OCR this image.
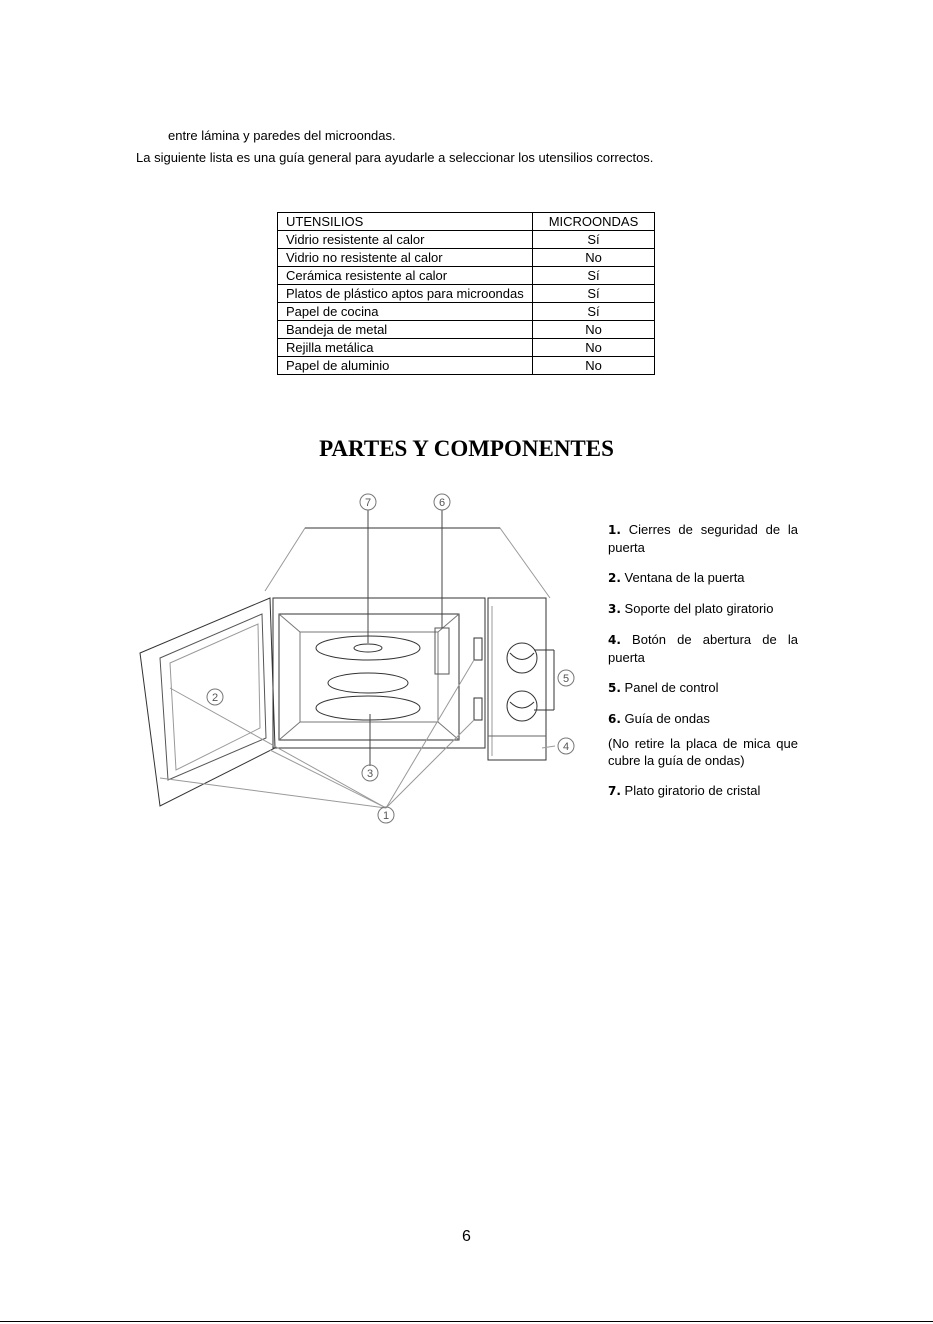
entre lámina y paredes del microondas.
La siguiente lista es una guía general para ayudarle a seleccionar los utensilios correctos.
UTENSILIOS	MICROONDAS
Vidrio resistente al calor	Sí
Vidrio no resistente al calor	No
Cerámica resistente al calor	Sí
Platos de plástico aptos para microondas	Sí
Papel de cocina	Sí
Bandeja de metal	No
Rejilla metálica	No
Papel de aluminio	No
PARTES Y COMPONENTES
7	6
2
5
4
3
1
1. Cierres de seguridad de la puerta
2. Ventana de la puerta
3. Soporte del plato giratorio
4. Botón de abertura de la puerta
5. Panel de control
6. Guía de ondas
(No retire la placa de mica que cubre la guía de ondas)
7. Plato giratorio de cristal
6
